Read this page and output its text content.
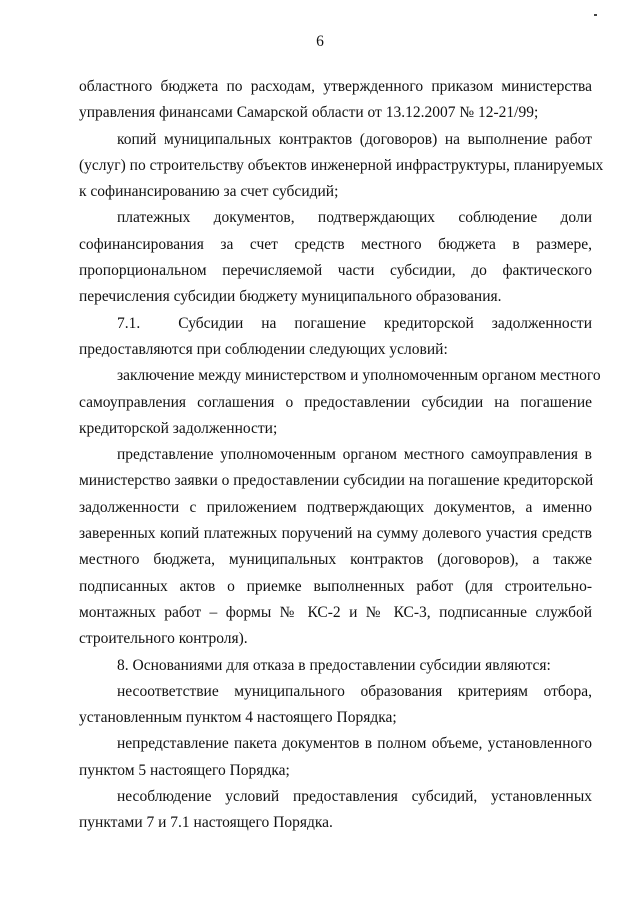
6
областного бюджета по расходам, утвержденного приказом министерства
управления финансами Самарской области от 13.12.2007 № 12-21/99;
копий муниципальных контрактов (договоров) на выполнение работ
(услуг) по строительству объектов инженерной инфраструктуры, планируемых
к софинансированию за счет субсидий;
платежных документов, подтверждающих соблюдение доли
софинансирования за счет средств местного бюджета в размере,
пропорциональном перечисляемой части субсидии, до фактического
перечисления субсидии бюджету муниципального образования.
7.1. Субсидии на погашение кредиторской задолженности
предоставляются при соблюдении следующих условий:
заключение между министерством и уполномоченным органом местного
самоуправления соглашения о предоставлении субсидии на погашение
кредиторской задолженности;
представление уполномоченным органом местного самоуправления в
министерство заявки о предоставлении субсидии на погашение кредиторской
задолженности с приложением подтверждающих документов, а именно
заверенных копий платежных поручений на сумму долевого участия средств
местного бюджета, муниципальных контрактов (договоров), а также
подписанных актов о приемке выполненных работ (для строительно-
монтажных работ – формы № КС-2 и № КС-3, подписанные службой
строительного контроля).
8. Основаниями для отказа в предоставлении субсидии являются:
несоответствие муниципального образования критериям отбора,
установленным пунктом 4 настоящего Порядка;
непредставление пакета документов в полном объеме, установленного
пунктом 5 настоящего Порядка;
несоблюдение условий предоставления субсидий, установленных
пунктами 7 и 7.1 настоящего Порядка.
